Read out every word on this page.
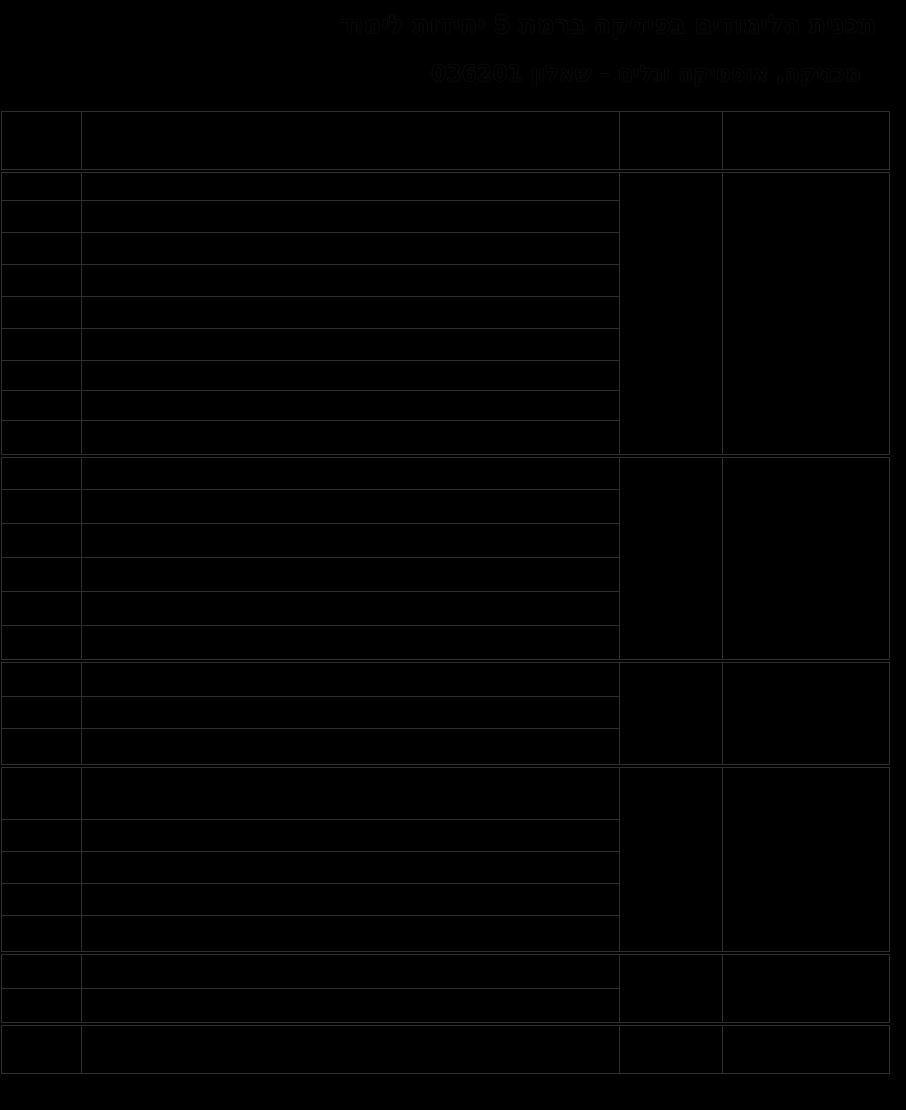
תכנית הלימודים בפיזיקה ברמת 5 יחידות לימוד
מכניקה, אופטיקה וגלים – שאלון 036201
פרק ראשון: מכניקה	שעות	נושאים	שעות

קינמטיקה	30	מושגים קינמטיים בסיסיים בתנועה לאורך קו ישר	2
		תיאור תנועה - מקום כפונקציה של הזמן	2
		תנועה קצובה לאורך קו ישר	3
		תנועה במהירות משתנה	1
		תנועה בתאוצה קבועה	10
		תנועה בתאוצה משתנה	1
		מושגי יסוד בתנועה במישור	1
		וקטורים	6
		המהירות והתאוצה בתנועה במישור	4

דינמיקה	50	כוחות ומדידתם	2
		תכונות של כוחות ; מתיחות, כוח נורמלי וכוח חיכוך	9
		התמדה ; ניתוח מצבי התמדה פשוטים	9
		החוק השני של ניוטון ; יישום בתנועה לאורך קו ישר	16
		תנועה במישור בהשפעת כוח קבוע	6
		תנועה מעגלית	8

תנע ושימורו	15	מתקף, תנע והקשר ביניהם	4
		חוק שימור התנע	3
		יישומים של חוק שימור התנע	8

אנרגיה מכנית ושימורה	29	אנרגיה קינטית, עבודה והקשר ביניהם	5
		אנרגיה פוטנציאלית	4
		שימור אנרגיה מכנית (קינטית + פוטנציאלית כובדית)	8
		תנועה במעגל אנכי (ללא התנתקות)	4
		היבטים אנרגטיים בהתנגשות	8

כבידה	11	רקע היסטורי וחוקי קפלר	4
		חוק הכבידה	7

סה״כ פרק ראשון	135		135
